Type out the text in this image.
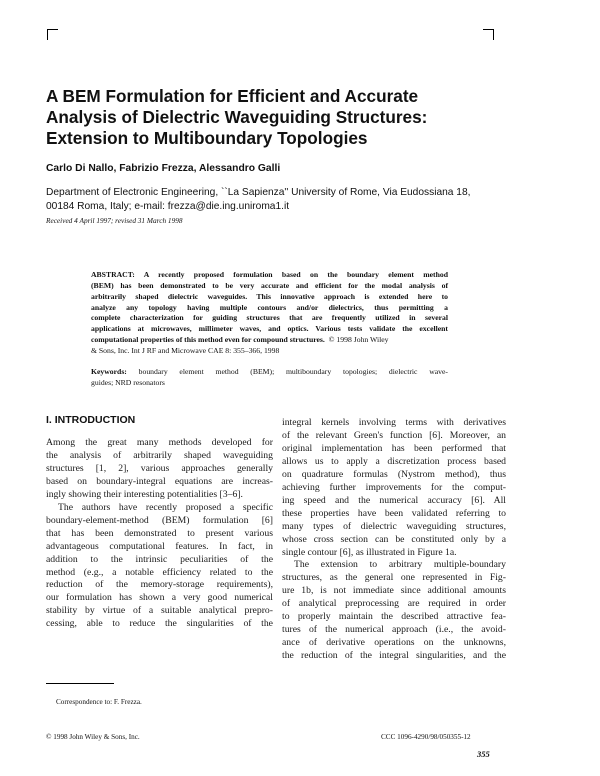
A BEM Formulation for Efficient and Accurate
Analysis of Dielectric Waveguiding Structures:
Extension to Multiboundary Topologies
Carlo Di Nallo, Fabrizio Frezza, Alessandro Galli
Department of Electronic Engineering, ``La Sapienza'' University of Rome, Via Eudossiana 18,
00184 Roma, Italy; e-mail: frezza@die.ing.uniroma1.it
Received 4 April 1997; revised 31 March 1998
ABSTRACT: A recently proposed formulation based on the boundary element method
(BEM) has been demonstrated to be very accurate and efficient for the modal analysis of
arbitrarily shaped dielectric waveguides. This innovative approach is extended here to
analyze any topology having multiple contours and/or dielectrics, thus permitting a
complete characterization for guiding structures that are frequently utilized in several
applications at microwaves, millimeter waves, and optics. Various tests validate the excellent
computational properties of this method even for compound structures. © 1998 John Wiley
& Sons, Inc. Int J RF and Microwave CAE 8: 355–366, 1998
Keywords: boundary element method (BEM); multiboundary topologies; dielectric wave-
guides; NRD resonators
I. INTRODUCTION
Among the great many methods developed for
the analysis of arbitrarily shaped waveguiding
structures [1, 2], various approaches generally
based on boundary-integral equations are increas-
ingly showing their interesting potentialities [3–6].
The authors have recently proposed a specific
boundary-element-method (BEM) formulation [6]
that has been demonstrated to present various
advantageous computational features. In fact, in
addition to the intrinsic peculiarities of the
method (e.g., a notable efficiency related to the
reduction of the memory-storage requirements),
our formulation has shown a very good numerical
stability by virtue of a suitable analytical prepro-
cessing, able to reduce the singularities of the
integral kernels involving terms with derivatives
of the relevant Green's function [6]. Moreover, an
original implementation has been performed that
allows us to apply a discretization process based
on quadrature formulas (Nystrom method), thus
achieving further improvements for the comput-
ing speed and the numerical accuracy [6]. All
these properties have been validated referring to
many types of dielectric waveguiding structures,
whose cross section can be constituted only by a
single contour [6], as illustrated in Figure 1a.
The extension to arbitrary multiple-boundary
structures, as the general one represented in Fig-
ure 1b, is not immediate since additional amounts
of analytical preprocessing are required in order
to properly maintain the described attractive fea-
tures of the numerical approach (i.e., the avoid-
ance of derivative operations on the unknowns,
the reduction of the integral singularities, and the
Correspondence to: F. Frezza.
© 1998 John Wiley & Sons, Inc.	CCC 1096-4290/98/050355-12
355
